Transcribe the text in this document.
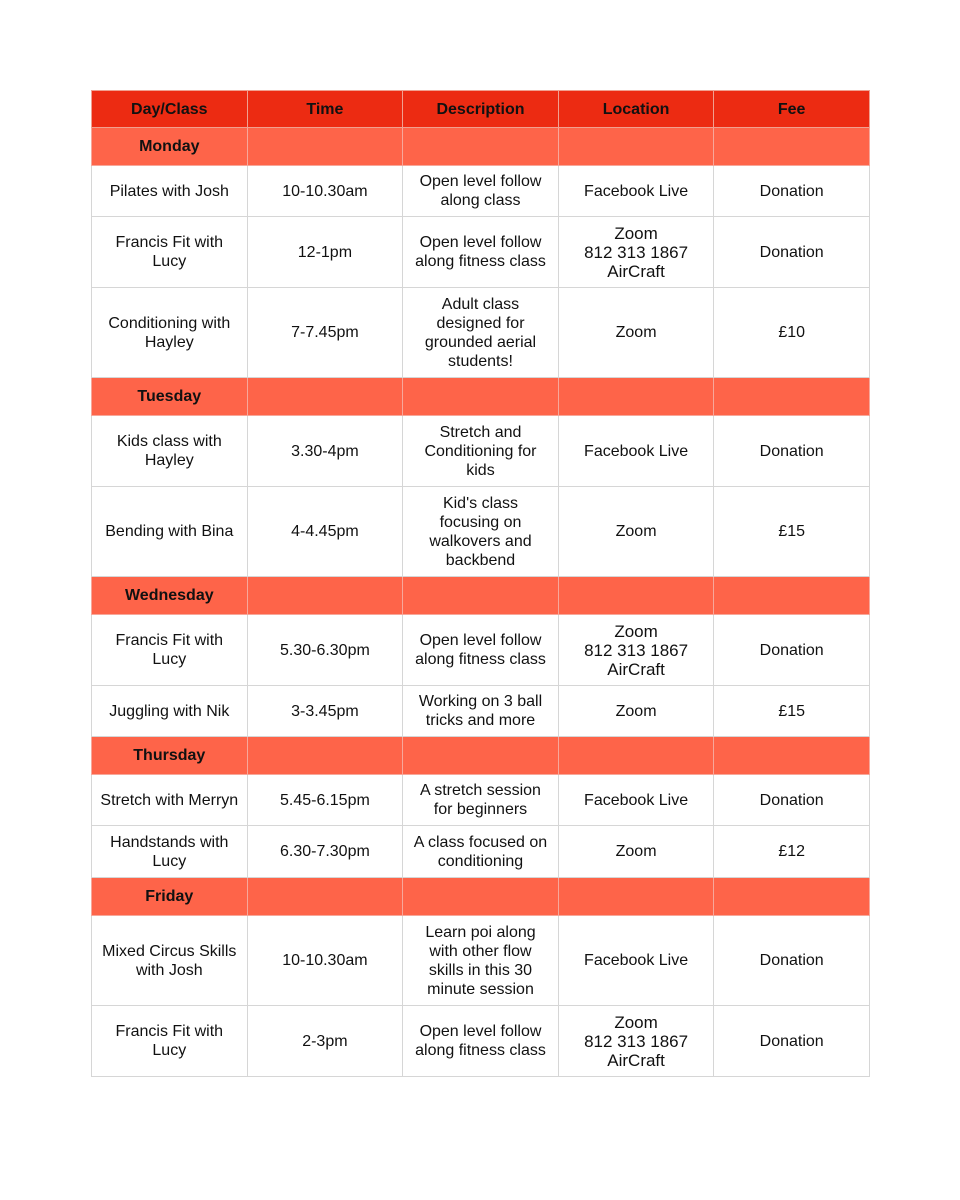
Day/Class	Time	Description	Location	Fee
Monday				

Pilates with Josh	10-10.30am	Open level follow
along class	Facebook Live	Donation

Francis Fit with
Lucy	12-1pm	Open level follow
along fitness class	Zoom
812 313 1867
AirCraft	Donation

Conditioning with
Hayley	7-7.45pm	Adult class
designed for
grounded aerial
students!	Zoom	£10
Tuesday				

Kids class with
Hayley	3.30-4pm	Stretch and
Conditioning for
kids	Facebook Live	Donation

Bending with Bina	4-4.45pm	Kid's class
focusing on
walkovers and
backbend	Zoom	£15
Wednesday				

Francis Fit with
Lucy	5.30-6.30pm	Open level follow
along fitness class	Zoom
812 313 1867
AirCraft	Donation

Juggling with Nik	3-3.45pm	Working on 3 ball
tricks and more	Zoom	£15
Thursday				

Stretch with Merryn	5.45-6.15pm	A stretch session
for beginners	Facebook Live	Donation

Handstands with
Lucy	6.30-7.30pm	A class focused on
conditioning	Zoom	£12
Friday				

Mixed Circus Skills
with Josh	10-10.30am	Learn poi along
with other flow
skills in this 30
minute session	Facebook Live	Donation

Francis Fit with
Lucy	2-3pm	Open level follow
along fitness class	Zoom
812 313 1867
AirCraft	Donation
